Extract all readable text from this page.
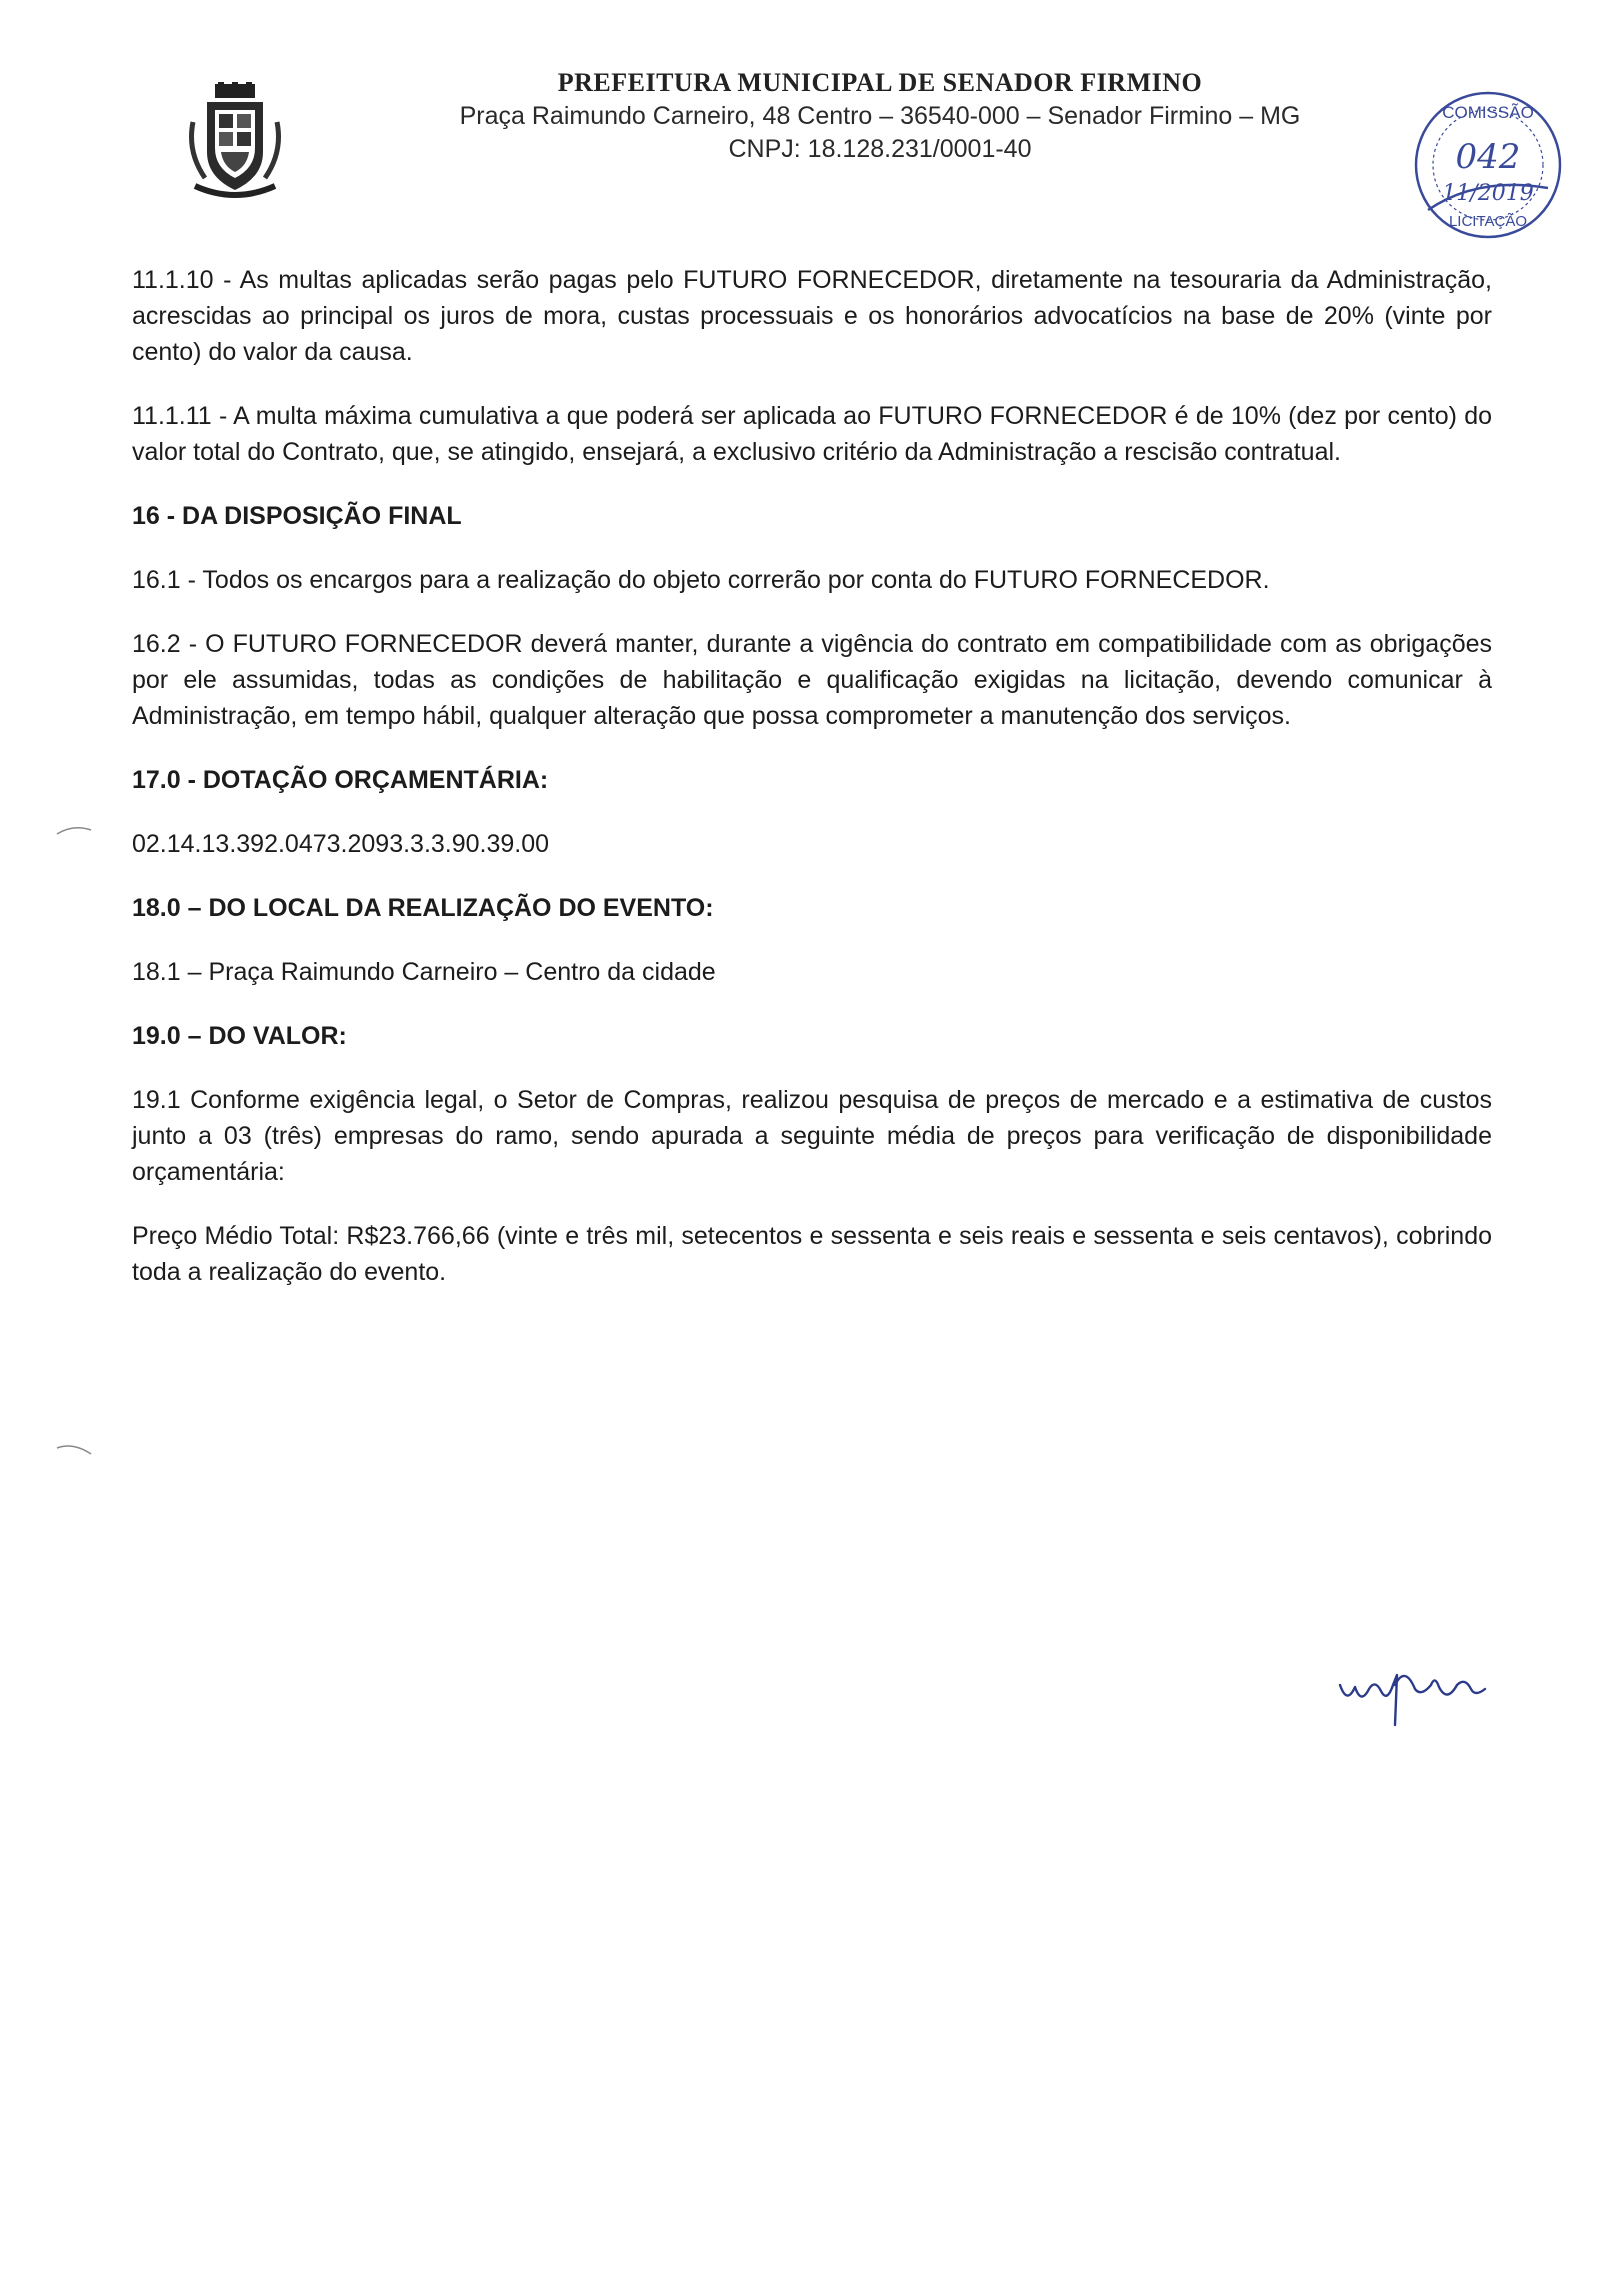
PREFEITURA MUNICIPAL DE SENADOR FIRMINO
Praça Raimundo Carneiro, 48 Centro – 36540-000 – Senador Firmino – MG
CNPJ: 18.128.231/0001-40
COMISSÃO
LICITAÇÃO
042
11/2019

11.1.10 - As multas aplicadas serão pagas pelo FUTURO FORNECEDOR, diretamente na tesouraria da Administração, acrescidas ao principal os juros de mora, custas processuais e os honorários advocatícios na base de 20% (vinte por cento) do valor da causa.

11.1.11 - A multa máxima cumulativa a que poderá ser aplicada ao FUTURO FORNECEDOR é de 10% (dez por cento) do valor total do Contrato, que, se atingido, ensejará, a exclusivo critério da Administração a rescisão contratual.

16 - DA DISPOSIÇÃO FINAL

16.1 - Todos os encargos para a realização do objeto correrão por conta do FUTURO FORNECEDOR.

16.2 - O FUTURO FORNECEDOR deverá manter, durante a vigência do contrato em compatibilidade com as obrigações por ele assumidas, todas as condições de habilitação e qualificação exigidas na licitação, devendo comunicar à Administração, em tempo hábil, qualquer alteração que possa comprometer a manutenção dos serviços.

17.0 - DOTAÇÃO ORÇAMENTÁRIA:

02.14.13.392.0473.2093.3.3.90.39.00

18.0 – DO LOCAL DA REALIZAÇÃO DO EVENTO:

18.1 – Praça Raimundo Carneiro – Centro da cidade

19.0 – DO VALOR:

19.1 Conforme exigência legal, o Setor de Compras, realizou pesquisa de preços de mercado e a estimativa de custos junto a 03 (três) empresas do ramo, sendo apurada a seguinte média de preços para verificação de disponibilidade orçamentária:

Preço Médio Total: R$23.766,66 (vinte e três mil, setecentos e sessenta e seis reais e sessenta e seis centavos), cobrindo toda a realização do evento.
